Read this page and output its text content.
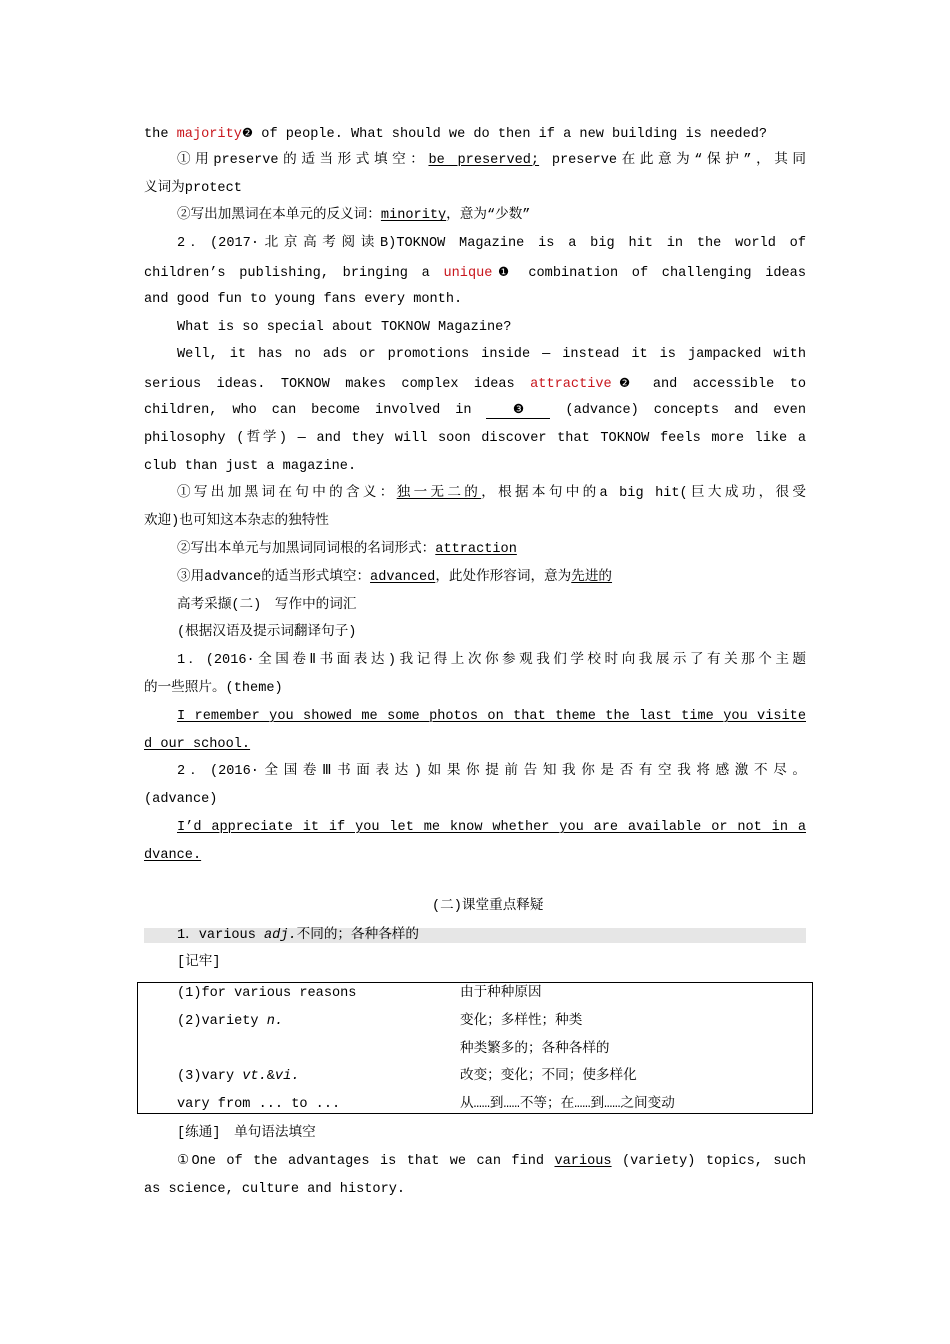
the majority❷ of people. What should we do then if a new building is needed?
①用preserve的适当形式填空：be preserved; preserve在此意为“保护”，其同
义词为protect
②写出加黑词在本单元的反义词：minority，意为“少数”
2．(2017·北京高考阅读B)TOKNOW Magazine is a big hit in the world of
children’s publishing, bringing a unique❶ combination of challenging ideas
and good fun to young fans every month.
What is so special about TOKNOW Magazine?
Well, it has no ads or promotions inside — instead it is jampacked with
serious ideas. TOKNOW makes complex ideas attractive❷ and accessible to
children, who can become involved in ❸ (advance) concepts and even
philosophy (哲学) — and they will soon discover that TOKNOW feels more like a
club than just a magazine.
①写出加黑词在句中的含义：独一无二的，根据本句中的a big hit(巨大成功，很受
欢迎)也可知这本杂志的独特性
②写出本单元与加黑词同词根的名词形式：attraction
③用advance的适当形式填空：advanced，此处作形容词，意为先进的
高考采撷(二)　写作中的词汇
(根据汉语及提示词翻译句子)
1．(2016·全国卷Ⅱ书面表达)我记得上次你参观我们学校时向我展示了有关那个主题
的一些照片。(theme)
I remember you showed me some photos on that theme the last time you visite
d our school.
2．(2016·全国卷Ⅲ书面表达)如果你提前告知我你是否有空我将感激不尽。
(advance)
I’d appreciate it if you let me know whether you are available or not in a
dvance.
(二)课堂重点释疑
1．various adj.不同的；各种各样的
[记牢]
(1)for various reasons	由于种种原因
(2)variety n.	变化；多样性；种类
种类繁多的；各种各样的
(3)vary vt.&vi.	改变；变化；不同；使多样化
vary from ... to ...	从……到……不等；在……到……之间变动
[练通]　单句语法填空
①One of the advantages is that we can find various (variety) topics, such
as science, culture and history.
